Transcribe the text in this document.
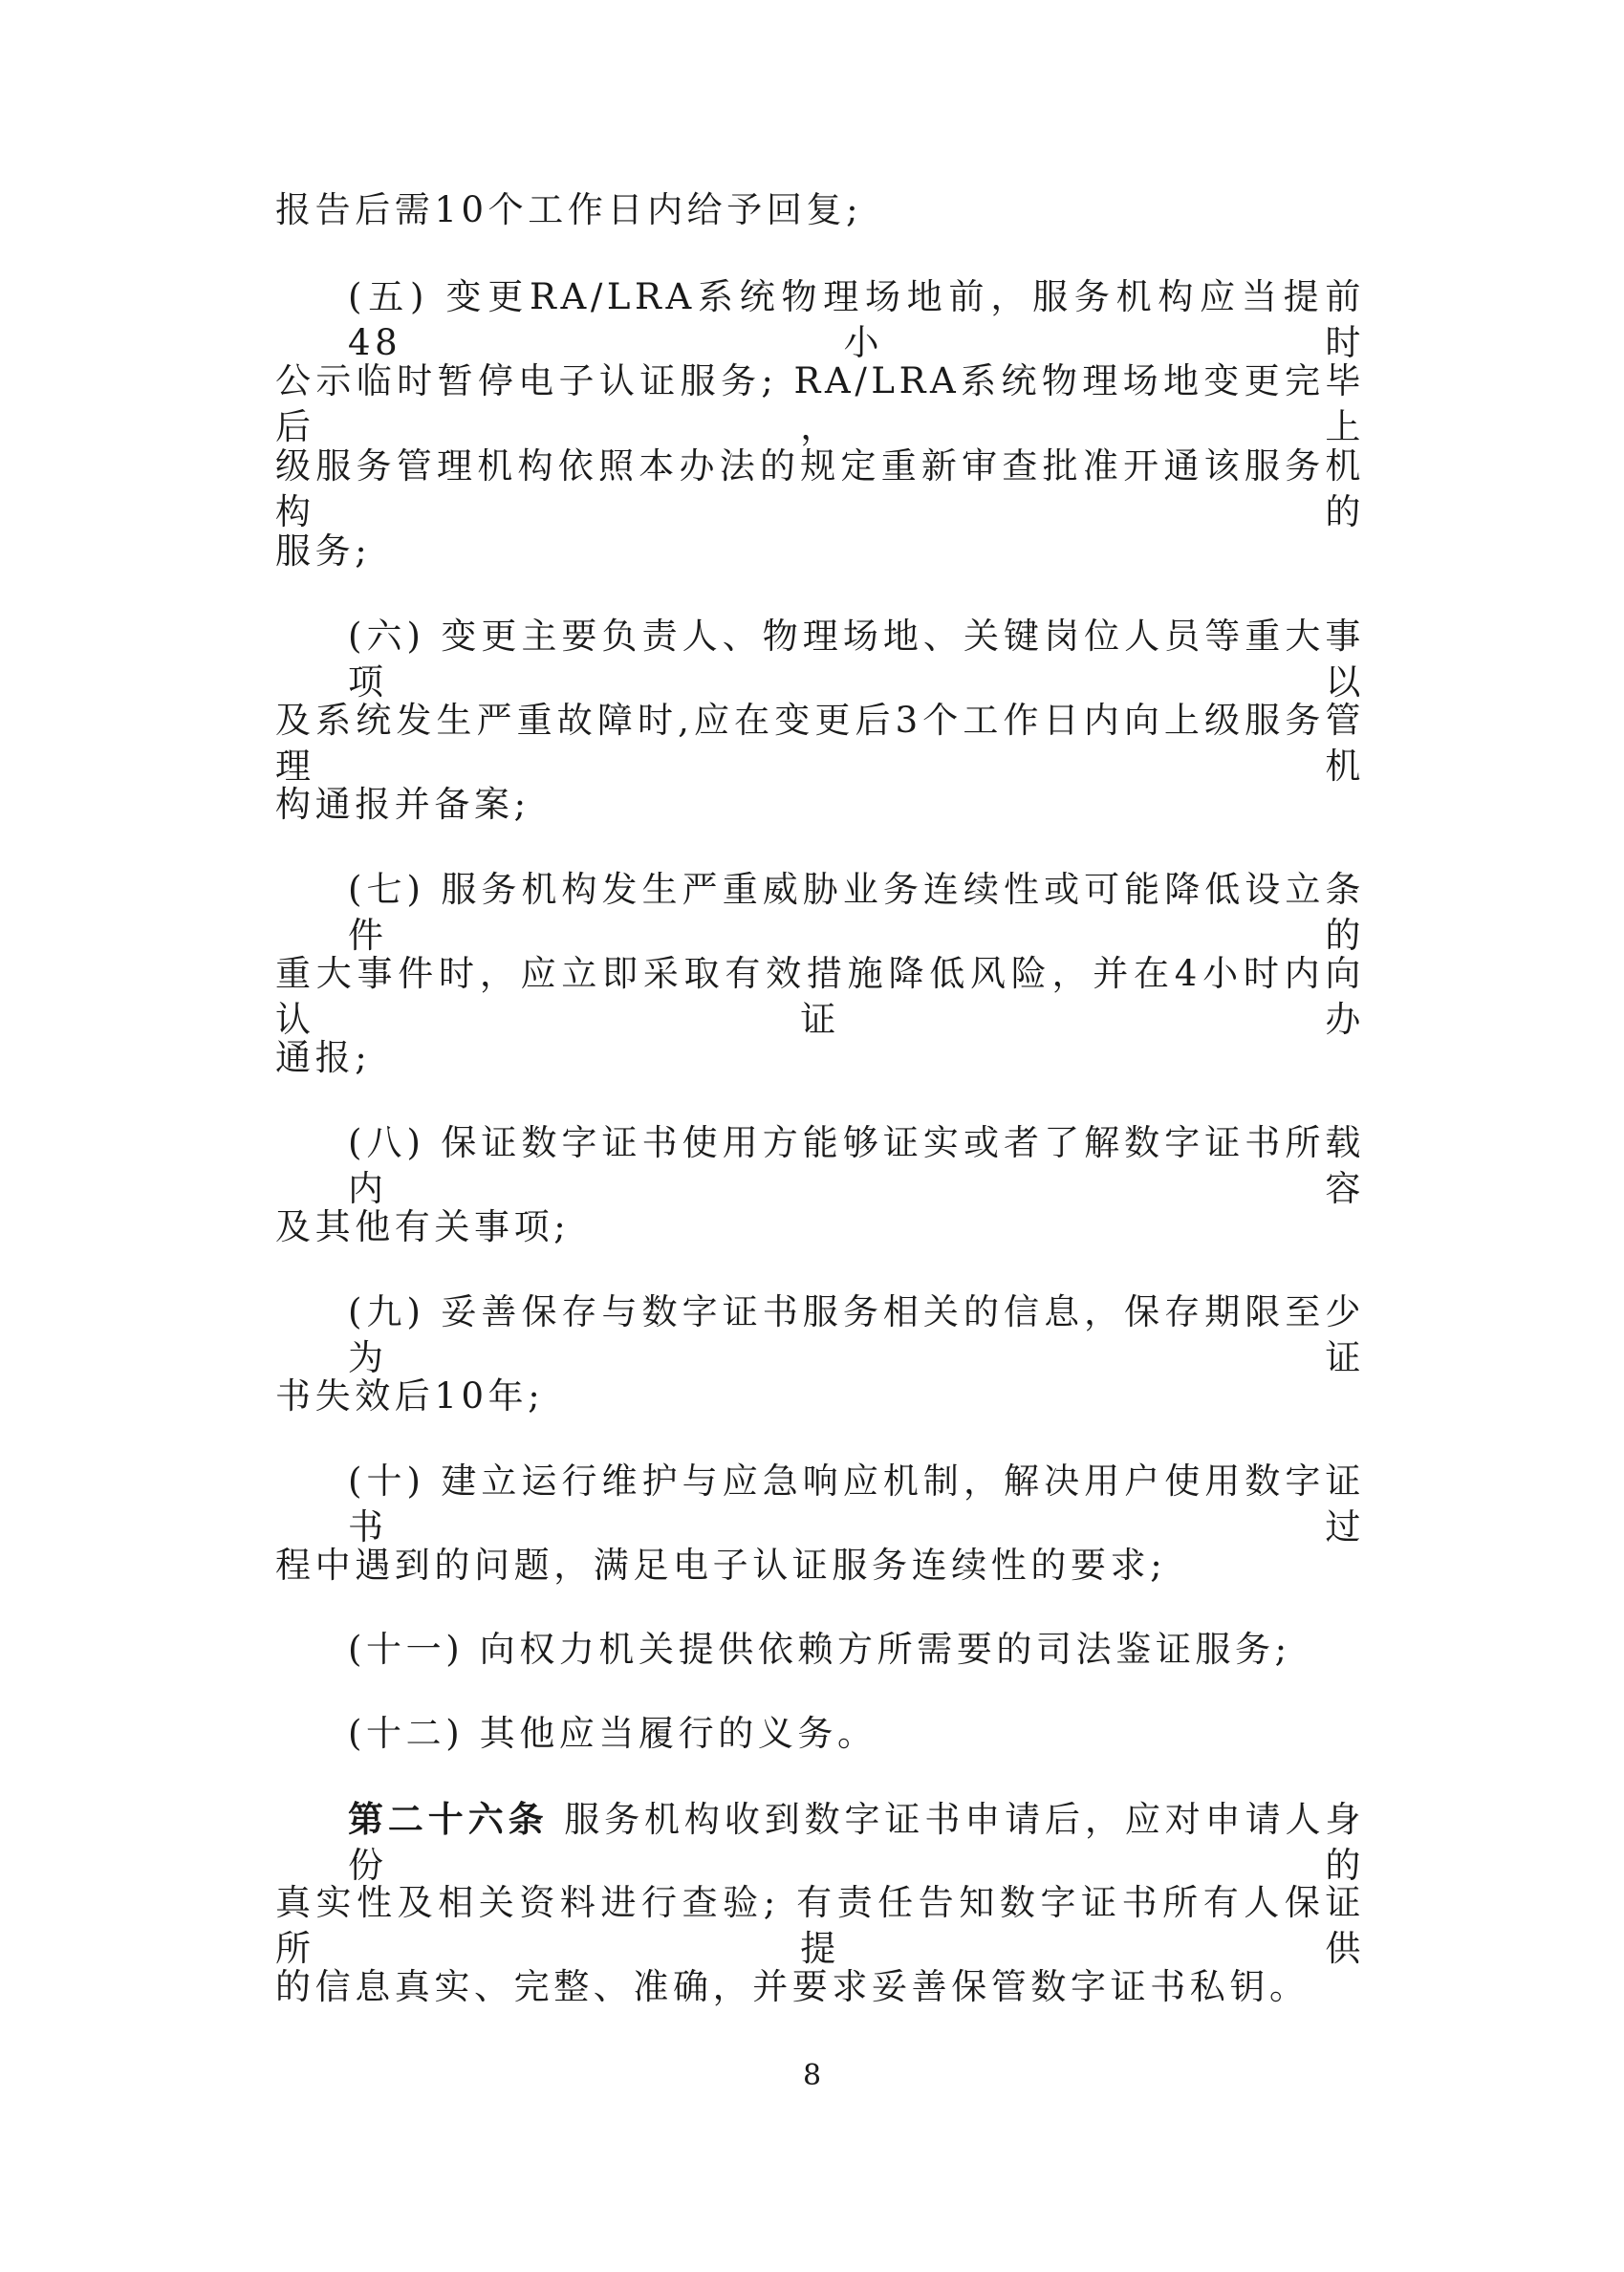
报告后需10个工作日内给予回复;
(五) 变更RA/LRA系统物理场地前，服务机构应当提前48小时
公示临时暂停电子认证服务; RA/LRA系统物理场地变更完毕后，上
级服务管理机构依照本办法的规定重新审查批准开通该服务机构的
服务;
(六) 变更主要负责人、物理场地、关键岗位人员等重大事项以
及系统发生严重故障时,应在变更后3个工作日内向上级服务管理机
构通报并备案;
(七) 服务机构发生严重威胁业务连续性或可能降低设立条件的
重大事件时，应立即采取有效措施降低风险，并在4小时内向认证办
通报;
(八) 保证数字证书使用方能够证实或者了解数字证书所载内容
及其他有关事项;
(九) 妥善保存与数字证书服务相关的信息，保存期限至少为证
书失效后10年;
(十) 建立运行维护与应急响应机制，解决用户使用数字证书过
程中遇到的问题，满足电子认证服务连续性的要求;
(十一) 向权力机关提供依赖方所需要的司法鉴证服务;
(十二) 其他应当履行的义务。
第二十六条 服务机构收到数字证书申请后，应对申请人身份的
真实性及相关资料进行查验; 有责任告知数字证书所有人保证所提供
的信息真实、完整、准确，并要求妥善保管数字证书私钥。
8
